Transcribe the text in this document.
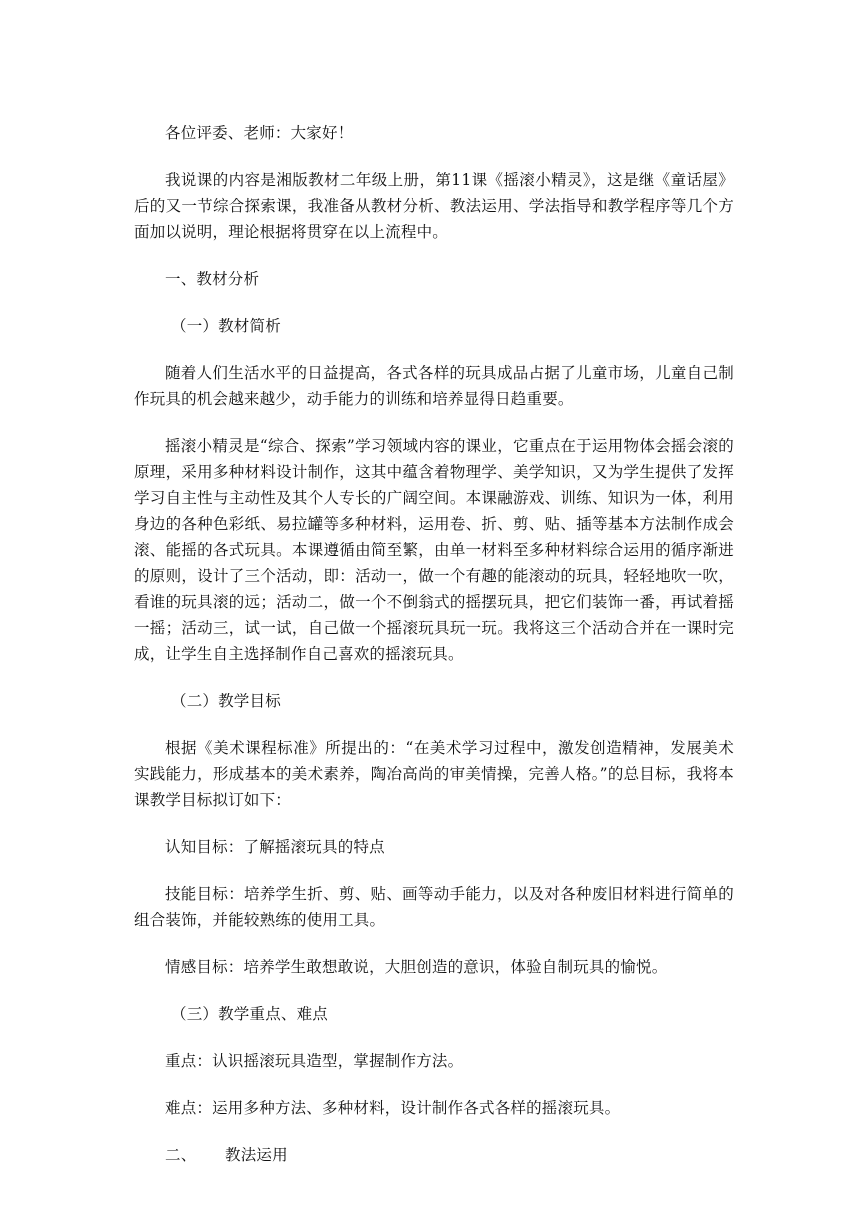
各位评委、老师：大家好！

我说课的内容是湘版教材二年级上册，第11课《摇滚小精灵》，这是继《童话屋》后的又一节综合探索课，我准备从教材分析、教法运用、学法指导和教学程序等几个方面加以说明，理论根据将贯穿在以上流程中。

一、教材分析

（一）教材简析

随着人们生活水平的日益提高，各式各样的玩具成品占据了儿童市场，儿童自己制作玩具的机会越来越少，动手能力的训练和培养显得日趋重要。

摇滚小精灵是“综合、探索”学习领域内容的课业，它重点在于运用物体会摇会滚的原理，采用多种材料设计制作，这其中蕴含着物理学、美学知识，又为学生提供了发挥学习自主性与主动性及其个人专长的广阔空间。本课融游戏、训练、知识为一体，利用身边的各种色彩纸、易拉罐等多种材料，运用卷、折、剪、贴、插等基本方法制作成会滚、能摇的各式玩具。本课遵循由简至繁，由单一材料至多种材料综合运用的循序渐进的原则，设计了三个活动，即：活动一，做一个有趣的能滚动的玩具，轻轻地吹一吹，看谁的玩具滚的远；活动二，做一个不倒翁式的摇摆玩具，把它们装饰一番，再试着摇一摇；活动三，试一试，自己做一个摇滚玩具玩一玩。我将这三个活动合并在一课时完成，让学生自主选择制作自己喜欢的摇滚玩具。

（二）教学目标

根据《美术课程标准》所提出的：“在美术学习过程中，激发创造精神，发展美术实践能力，形成基本的美术素养，陶冶高尚的审美情操，完善人格。”的总目标，我将本课教学目标拟订如下：

认知目标：了解摇滚玩具的特点

技能目标：培养学生折、剪、贴、画等动手能力，以及对各种废旧材料进行简单的组合装饰，并能较熟练的使用工具。

情感目标：培养学生敢想敢说，大胆创造的意识，体验自制玩具的愉悦。

（三）教学重点、难点

重点：认识摇滚玩具造型，掌握制作方法。

难点：运用多种方法、多种材料，设计制作各式各样的摇滚玩具。

二、 教法运用
